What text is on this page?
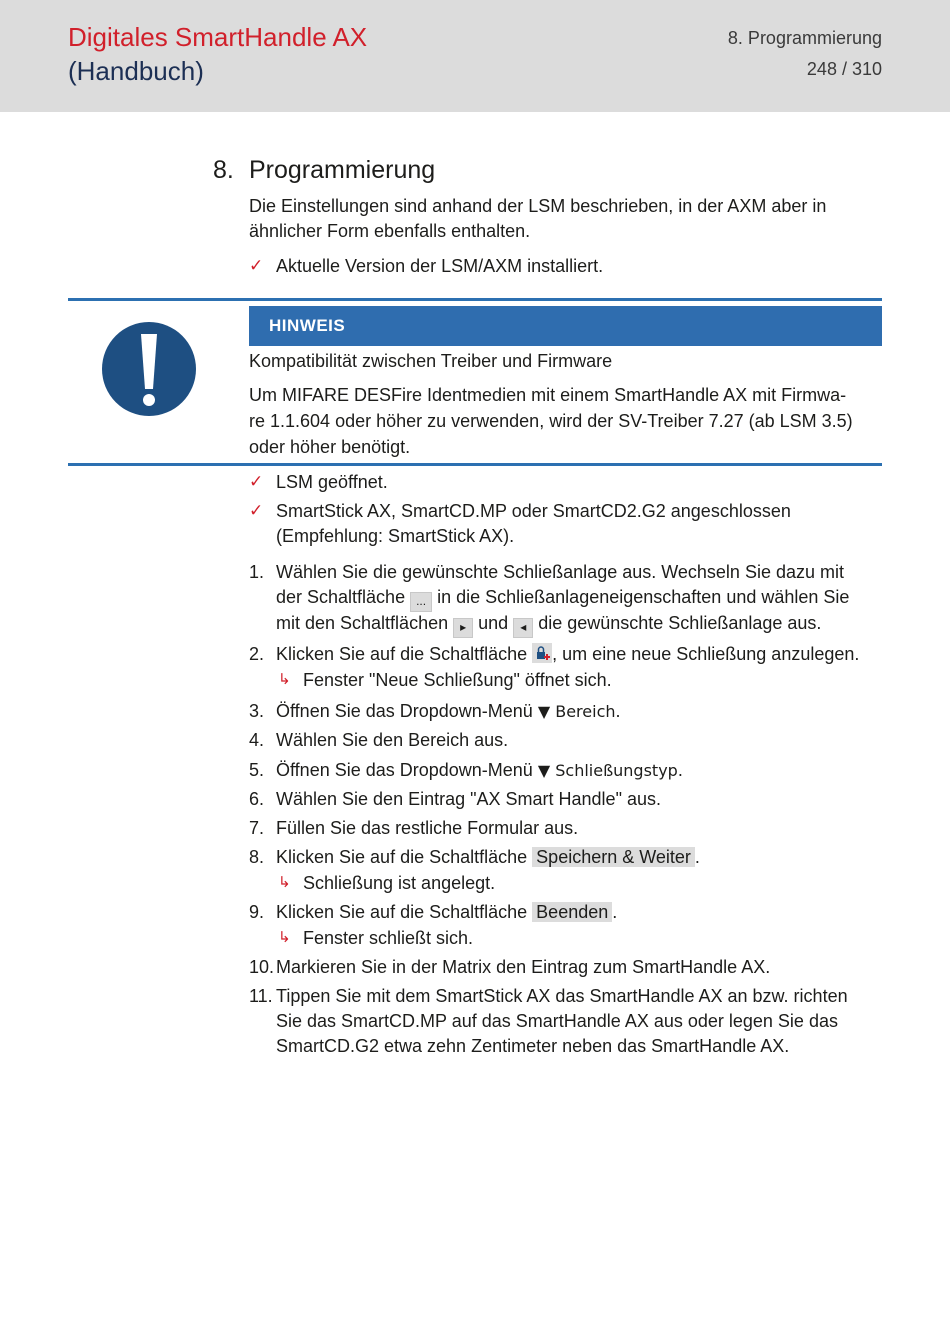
Digitales SmartHandle AX
(Handbuch)
8. Programmierung
248 / 310
8. Programmierung
Die Einstellungen sind anhand der LSM beschrieben, in der AXM aber in
ähnlicher Form ebenfalls enthalten.
✓ Aktuelle Version der LSM/AXM installiert.
HINWEIS
Kompatibilität zwischen Treiber und Firmware
Um MIFARE DESFire Identmedien mit einem SmartHandle AX mit Firmwa-
re 1.1.604 oder höher zu verwenden, wird der SV-Treiber 7.27 (ab LSM 3.5)
oder höher benötigt.
✓ LSM geöffnet.
✓ SmartStick AX, SmartCD.MP oder SmartCD2.G2 angeschlossen
(Empfehlung: SmartStick AX).
1. Wählen Sie die gewünschte Schließanlage aus. Wechseln Sie dazu mit
der Schaltfläche ... in die Schließanlageneigenschaften und wählen Sie
mit den Schaltflächen ▸ und ◂ die gewünschte Schließanlage aus.
2. Klicken Sie auf die Schaltfläche , um eine neue Schließung anzulegen.
↳ Fenster "Neue Schließung" öffnet sich.
3. Öffnen Sie das Dropdown-Menü ▼ Bereich.
4. Wählen Sie den Bereich aus.
5. Öffnen Sie das Dropdown-Menü ▼ Schließungstyp.
6. Wählen Sie den Eintrag "AX Smart Handle" aus.
7. Füllen Sie das restliche Formular aus.
8. Klicken Sie auf die Schaltfläche Speichern & Weiter .
↳ Schließung ist angelegt.
9. Klicken Sie auf die Schaltfläche Beenden .
↳ Fenster schließt sich.
10. Markieren Sie in der Matrix den Eintrag zum SmartHandle AX.
11. Tippen Sie mit dem SmartStick AX das SmartHandle AX an bzw. richten
Sie das SmartCD.MP auf das SmartHandle AX aus oder legen Sie das
SmartCD.G2 etwa zehn Zentimeter neben das SmartHandle AX.
